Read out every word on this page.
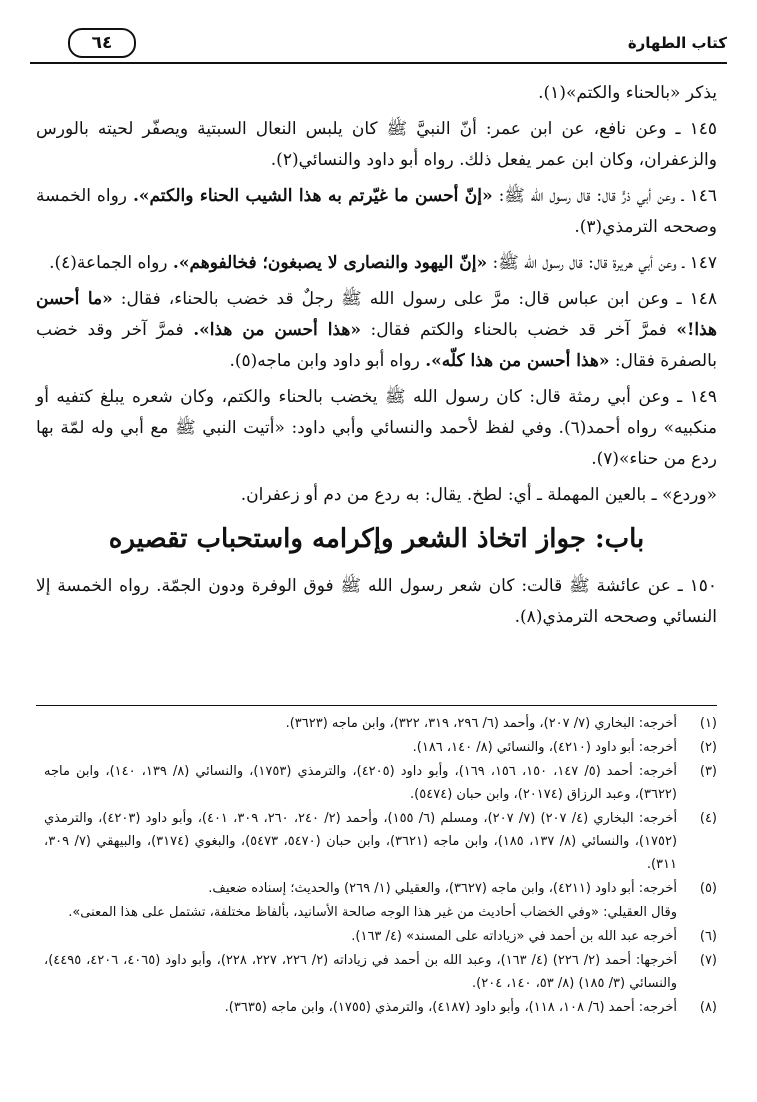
كتاب الطهارة
٦٤

يذكر «بالحناء والكتم»(١).

١٤٥ ـ وعن نافع، عن ابن عمر: أنّ النبيَّ ﷺ كان يلبس النعال السبتية ويصفّر لحيته بالورس والزعفران، وكان ابن عمر يفعل ذلك. رواه أبو داود والنسائي(٢).

١٤٦ ـ وعن أبي ذرٍّ قال: قال رسول الله ﷺ: «إنّ أحسن ما غيّرتم به هذا الشيب الحناء والكتم». رواه الخمسة وصححه الترمذي(٣).

١٤٧ ـ وعن أبي هريرة قال: قال رسول الله ﷺ: «إنّ اليهود والنصارى لا يصبغون؛ فخالفوهم». رواه الجماعة(٤).

١٤٨ ـ وعن ابن عباس قال: مرَّ على رسول الله ﷺ رجلٌ قد خضب بالحناء، فقال: «ما أحسن هذا!» فمرَّ آخر قد خضب بالحناء والكتم فقال: «هذا أحسن من هذا». فمرَّ آخر وقد خضب بالصفرة فقال: «هذا أحسن من هذا كلّه». رواه أبو داود وابن ماجه(٥).

١٤٩ ـ وعن أبي رمثة قال: كان رسول الله ﷺ يخضب بالحناء والكتم، وكان شعره يبلغ كتفيه أو منكبيه» رواه أحمد(٦). وفي لفظ لأحمد والنسائي وأبي داود: «أتيت النبي ﷺ مع أبي وله لمّة بها ردع من حناء»(٧).

«وردع» ـ بالعين المهملة ـ أي: لطخ. يقال: به ردع من دم أو زعفران.

باب: جواز اتخاذ الشعر وإكرامه واستحباب تقصيره

١٥٠ ـ عن عائشة ﷺ قالت: كان شعر رسول الله ﷺ فوق الوفرة ودون الجمّة. رواه الخمسة إلا النسائي وصححه الترمذي(٨).

(١)
أخرجه: البخاري (٧/ ٢٠٧)، وأحمد (٦/ ٢٩٦، ٣١٩، ٣٢٢)، وابن ماجه (٣٦٢٣).
(٢)
أخرجه: أبو داود (٤٢١٠)، والنسائي (٨/ ١٤٠، ١٨٦).
(٣)
أخرجه: أحمد (٥/ ١٤٧، ١٥٠، ١٥٦، ١٦٩)، وأبو داود (٤٢٠٥)، والترمذي (١٧٥٣)، والنسائي (٨/ ١٣٩، ١٤٠)، وابن ماجه (٣٦٢٢)، وعبد الرزاق (٢٠١٧٤)، وابن حبان (٥٤٧٤).
(٤)
أخرجه: البخاري (٤/ ٢٠٧) (٧/ ٢٠٧)، ومسلم (٦/ ١٥٥)، وأحمد (٢/ ٢٤٠، ٢٦٠، ٣٠٩، ٤٠١)، وأبو داود (٤٢٠٣)، والترمذي (١٧٥٢)، والنسائي (٨/ ١٣٧، ١٨٥)، وابن ماجه (٣٦٢١)، وابن حبان (٥٤٧٠، ٥٤٧٣)، والبغوي (٣١٧٤)، والبيهقي (٧/ ٣٠٩، ٣١١).
(٥)
أخرجه: أبو داود (٤٢١١)، وابن ماجه (٣٦٢٧)، والعقيلي (١/ ٢٦٩) والحديث؛ إسناده ضعيف.
وقال العقيلي: «وفي الخضاب أحاديث من غير هذا الوجه صالحة الأسانيد، بألفاظ مختلفة، تشتمل على هذا المعنى».
(٦)
أخرجه عبد الله بن أحمد في «زياداته على المسند» (٤/ ١٦٣).
(٧)
أخرجها: أحمد (٢/ ٢٢٦) (٤/ ١٦٣)، وعبد الله بن أحمد في زياداته (٢/ ٢٢٦، ٢٢٧، ٢٢٨)، وأبو داود (٤٠٦٥، ٤٢٠٦، ٤٤٩٥)، والنسائي (٣/ ١٨٥) (٨/ ٥٣، ١٤٠، ٢٠٤).
(٨)
أخرجه: أحمد (٦/ ١٠٨، ١١٨)، وأبو داود (٤١٨٧)، والترمذي (١٧٥٥)، وابن ماجه (٣٦٣٥).
